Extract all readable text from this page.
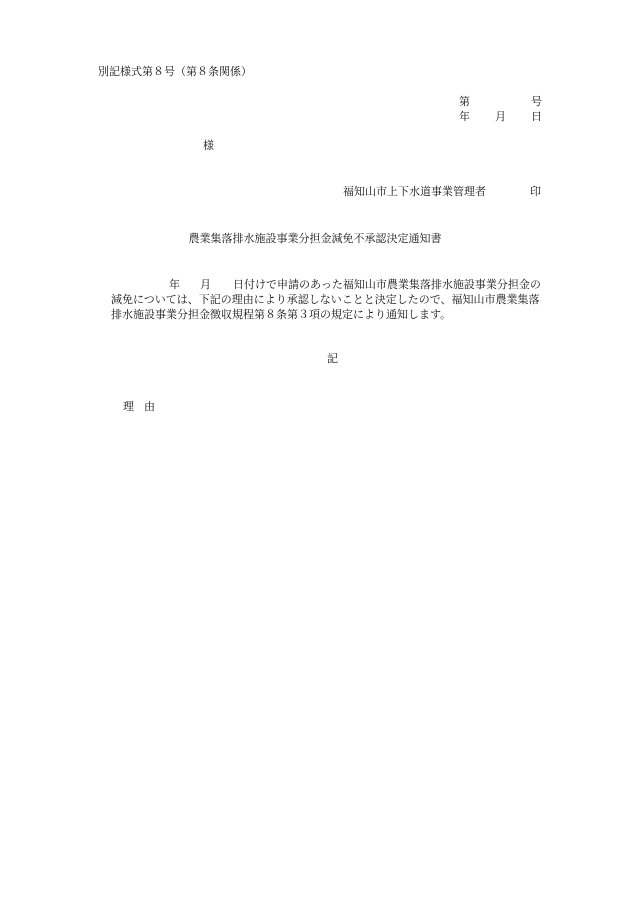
別記様式第８号（第８条関係）
第	号
年 月 日
様
福知山市上下水道事業管理者	印
農業集落排水施設事業分担金減免不承認決定通知書
年 月 日付けで申請のあった福知山市農業集落排水施設事業分担金の
減免については、下記の理由により承認しないことと決定したので、福知山市農業集落
排水施設事業分担金徴収規程第８条第３項の規定により通知します。
記
理由
